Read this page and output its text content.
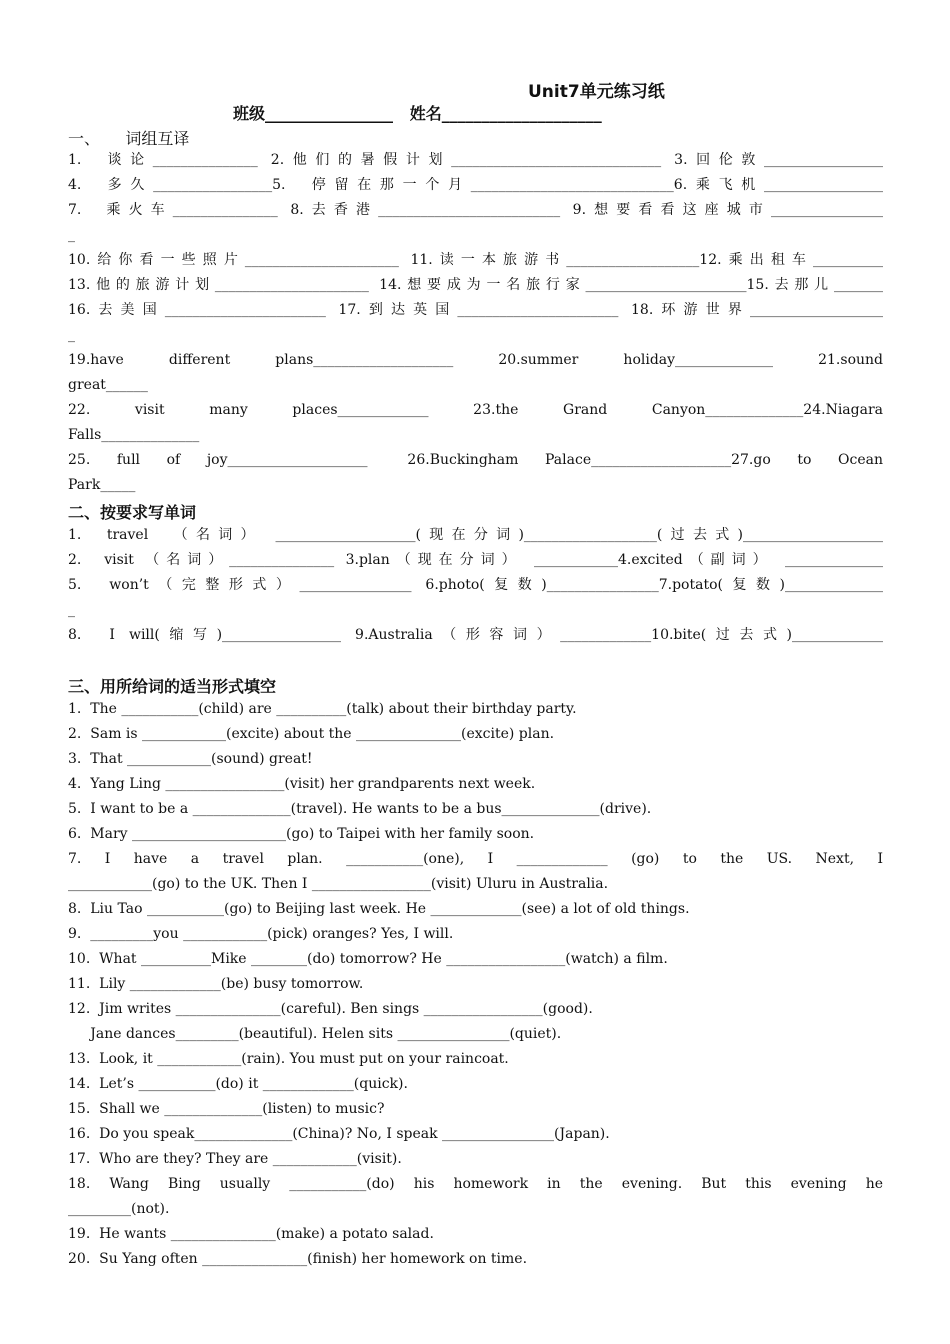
Unit7单元练习纸
班级________________   姓名____________________
一、     词组互译
1.  谈论_______________ 2.他们的暑假计划______________________________ 3.回伦敦_________________
4.  多久_________________5.  停留在那一个月_____________________________6.乘飞机_________________
7.  乘火车_______________ 8.去香港__________________________ 9.想要看看这座城市________________
_
10.给你看一些照片______________________ 11.读一本旅游书___________________12.乘出租车__________
13.他的旅游计划______________________ 14.想要成为一名旅行家_______________________15.去那儿_______
16.去美国_______________________ 17.到达英国_______________________ 18.环游世界___________________
_
19.have   different   plans____________________   20.summer   holiday______________   21.sound
great______
22.    visit    many    places_____________    23.the    Grand    Canyon______________24.Niagara
Falls______________
25.  full  of  joy____________________   26.Buckingham  Palace____________________27.go  to  Ocean
Park_____
二、按要求写单词
1.  travel  （名词） ____________________(现在分词)___________________(过去式)____________________
2.  visit （名词）_______________ 3.plan（现在分词） ____________4.excited（副词） ______________
5.  won’t（完整形式）________________ 6.photo(复数)________________7.potato(复数)______________
_
8.  I will(缩写)_________________ 9.Australia（形容词）_____________10.bite(过去式)_____________
三、用所给词的适当形式填空
1.  The ___________(child) are __________(talk) about their birthday party.
2.  Sam is ____________(excite) about the _______________(excite) plan.
3.  That ____________(sound) great!
4.  Yang Ling _________________(visit) her grandparents next week.
5.  I want to be a ______________(travel). He wants to be a bus______________(drive).
6.  Mary ______________________(go) to Taipei with her family soon.
7.  I  have  a  travel  plan.  ___________(one),  I  _____________  (go)  to  the  US.  Next,  I
____________(go) to the UK. Then I _________________(visit) Uluru in Australia.
8.  Liu Tao ___________(go) to Beijing last week. He _____________(see) a lot of old things.
9.  _________you ____________(pick) oranges? Yes, I will.
10.  What __________Mike ________(do) tomorrow? He _________________(watch) a film.
11.  Lily _____________(be) busy tomorrow.
12.  Jim writes _______________(careful). Ben sings _________________(good).
Jane dances_________(beautiful). Helen sits ________________(quiet).
13.  Look, it ____________(rain). You must put on your raincoat.
14.  Let’s ___________(do) it _____________(quick).
15.  Shall we ______________(listen) to music?
16.  Do you speak______________(China)? No, I speak ________________(Japan).
17.  Who are they? They are ____________(visit).
18.  Wang  Bing  usually  ___________(do)  his  homework  in  the  evening.  But  this  evening  he
_________(not).
19.  He wants _______________(make) a potato salad.
20.  Su Yang often _______________(finish) her homework on time.
